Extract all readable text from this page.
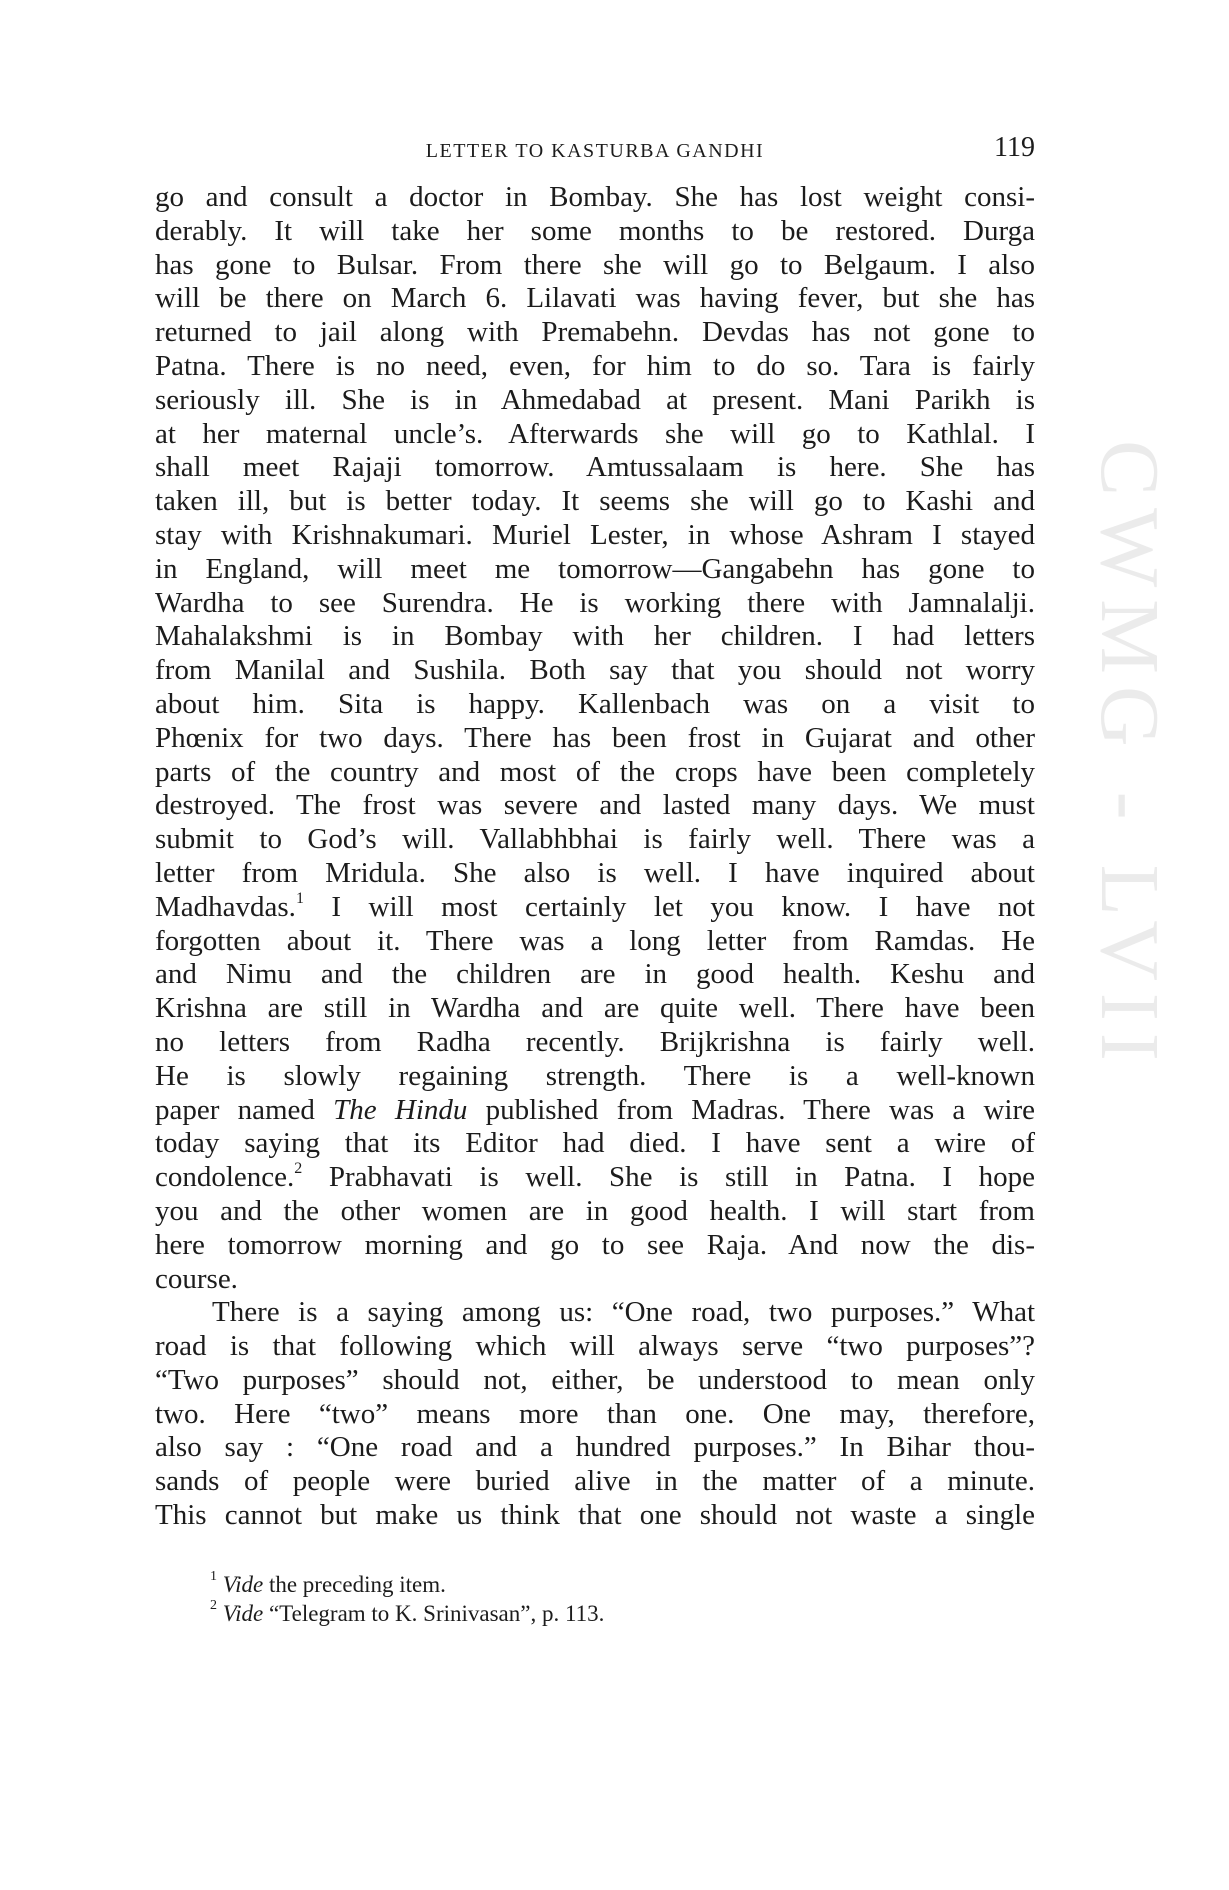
CWMG - LVII
LETTER TO KASTURBA GANDHI	119
go and consult a doctor in Bombay. She has lost weight consi-
derably. It will take her some months to be restored. Durga
has gone to Bulsar. From there she will go to Belgaum. I also
will be there on March 6. Lilavati was having fever, but she has
returned to jail along with Premabehn. Devdas has not gone to
Patna. There is no need, even, for him to do so. Tara is fairly
seriously ill. She is in Ahmedabad at present. Mani Parikh is
at her maternal uncle’s. Afterwards she will go to Kathlal. I
shall meet Rajaji tomorrow. Amtussalaam is here. She has
taken ill, but is better today. It seems she will go to Kashi and
stay with Krishnakumari. Muriel Lester, in whose Ashram I stayed
in England, will meet me tomorrow—Gangabehn has gone to
Wardha to see Surendra. He is working there with Jamnalalji.
Mahalakshmi is in Bombay with her children. I had letters
from Manilal and Sushila. Both say that you should not worry
about him. Sita is happy. Kallenbach was on a visit to
Phœnix for two days. There has been frost in Gujarat and other
parts of the country and most of the crops have been completely
destroyed. The frost was severe and lasted many days. We must
submit to God’s will. Vallabhbhai is fairly well. There was a
letter from Mridula. She also is well. I have inquired about
Madhavdas.$^1$ I will most certainly let you know. I have not
forgotten about it. There was a long letter from Ramdas. He
and Nimu and the children are in good health. Keshu and
Krishna are still in Wardha and are quite well. There have been
no letters from Radha recently. Brijkrishna is fairly well.
He is slowly regaining strength. There is a well-known
paper named The Hindu published from Madras. There was a wire
today saying that its Editor had died. I have sent a wire of
condolence.$^2$ Prabhavati is well. She is still in Patna. I hope
you and the other women are in good health. I will start from
here tomorrow morning and go to see Raja. And now the dis-
course.
There is a saying among us: “One road, two purposes.” What
road is that following which will always serve “two purposes”?
“Two purposes” should not, either, be understood to mean only
two. Here “two” means more than one. One may, therefore,
also say : “One road and a hundred purposes.” In Bihar thou-
sands of people were buried alive in the matter of a minute.
This cannot but make us think that one should not waste a single
$^1$ Vide the preceding item.
$^2$ Vide “Telegram to K. Srinivasan”, p. 113.
